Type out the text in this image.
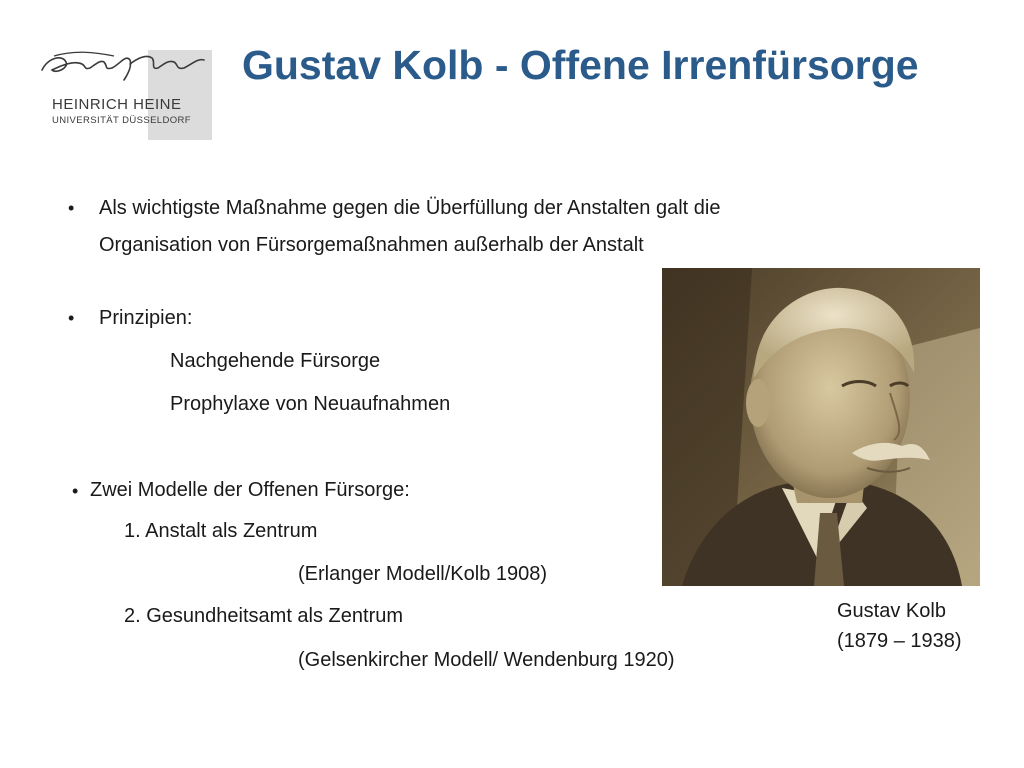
HEINRICH HEINE
UNIVERSITÄT DÜSSELDORF
Gustav Kolb - Offene Irrenfürsorge
• Als wichtigste Maßnahme gegen die Überfüllung der Anstalten galt die
Organisation von Fürsorgemaßnahmen außerhalb der Anstalt
• Prinzipien:
Nachgehende Fürsorge
Prophylaxe von Neuaufnahmen
• Zwei Modelle der Offenen Fürsorge:
1. Anstalt als Zentrum
(Erlanger Modell/Kolb 1908)
2. Gesundheitsamt als Zentrum
(Gelsenkircher Modell/ Wendenburg 1920)
Gustav Kolb
(1879 – 1938)
